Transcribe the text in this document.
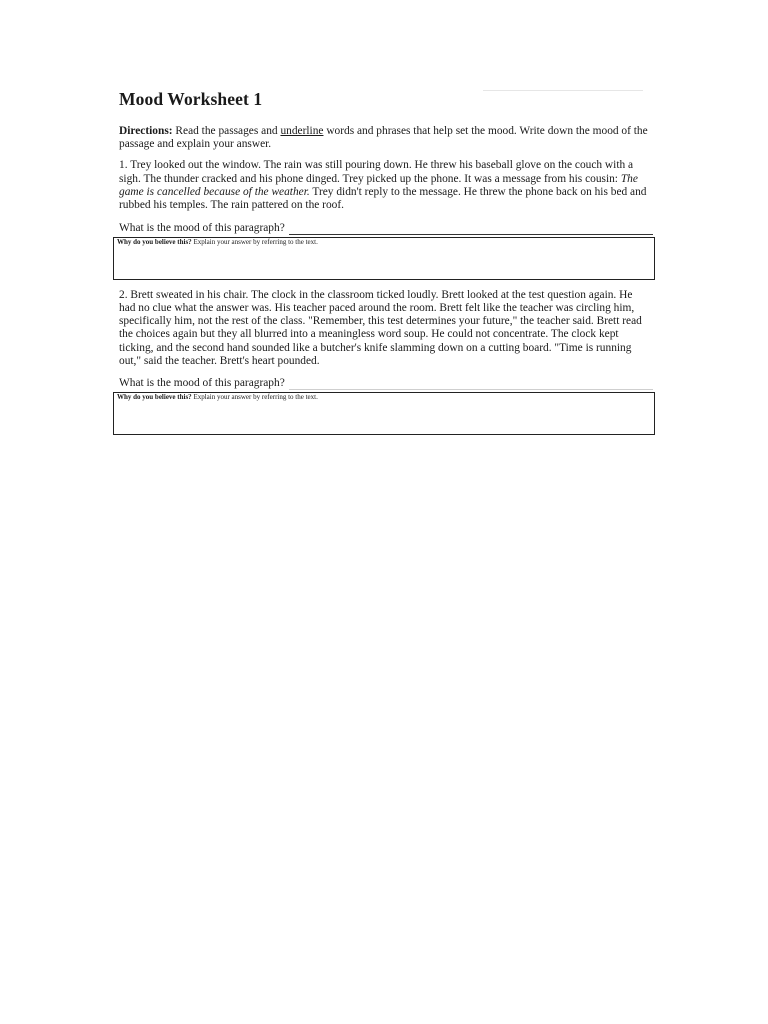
Mood Worksheet 1
Directions: Read the passages and underline words and phrases that help set the mood. Write down the mood of the passage and explain your answer.
1. Trey looked out the window. The rain was still pouring down. He threw his baseball glove on the couch with a sigh. The thunder cracked and his phone dinged. Trey picked up the phone. It was a message from his cousin: The game is cancelled because of the weather. Trey didn't reply to the message. He threw the phone back on his bed and rubbed his temples. The rain pattered on the roof.
What is the mood of this paragraph?
Why do you believe this? Explain your answer by referring to the text.
2. Brett sweated in his chair. The clock in the classroom ticked loudly. Brett looked at the test question again. He had no clue what the answer was. His teacher paced around the room. Brett felt like the teacher was circling him, specifically him, not the rest of the class. "Remember, this test determines your future," the teacher said. Brett read the choices again but they all blurred into a meaningless word soup. He could not concentrate. The clock kept ticking, and the second hand sounded like a butcher's knife slamming down on a cutting board. "Time is running out," said the teacher. Brett's heart pounded.
What is the mood of this paragraph?
Why do you believe this? Explain your answer by referring to the text.
